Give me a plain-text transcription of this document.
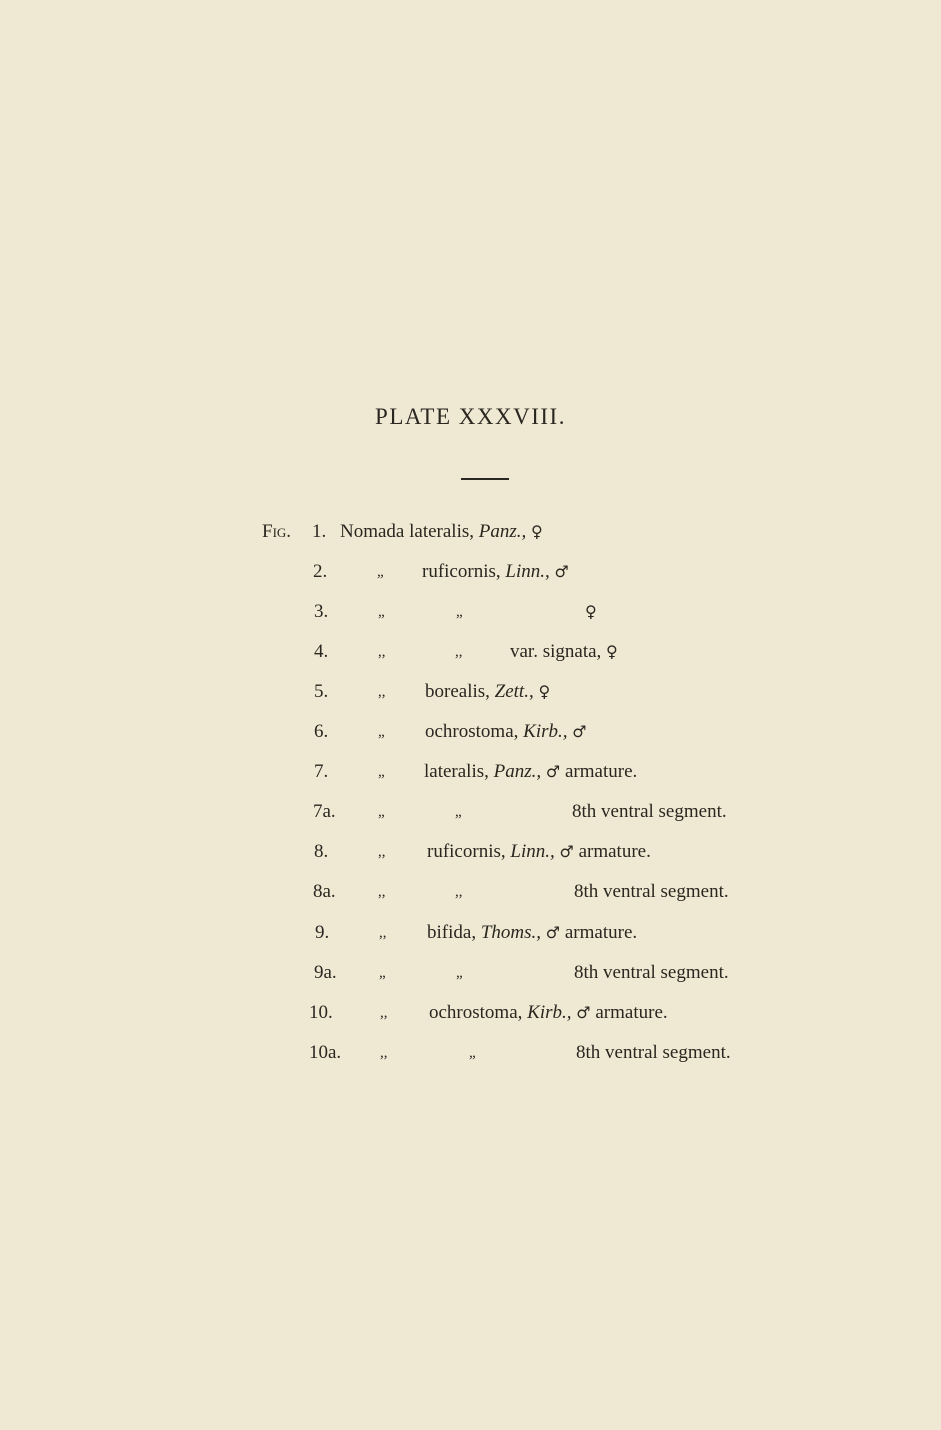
PLATE XXXVIII.
Fig. 1. Nomada lateralis, Panz., ♀
2.	„ ruficornis, Linn., ♂
3.	„	„	♀
4.	,,	,,	var. signata, ♀
5.	,, borealis, Zett., ♀
6.	„ ochrostoma, Kirb., ♂
7.	„ lateralis, Panz., ♂ armature.
7a.	„	„	8th ventral segment.
8.	,, ruficornis, Linn., ♂ armature.
8a.	,,	,,	8th ventral segment.
9.	,, bifida, Thoms., ♂ armature.
9a.	„	„	8th ventral segment.
10.	,, ochrostoma, Kirb., ♂ armature.
10a.	,,	„	8th ventral segment.
